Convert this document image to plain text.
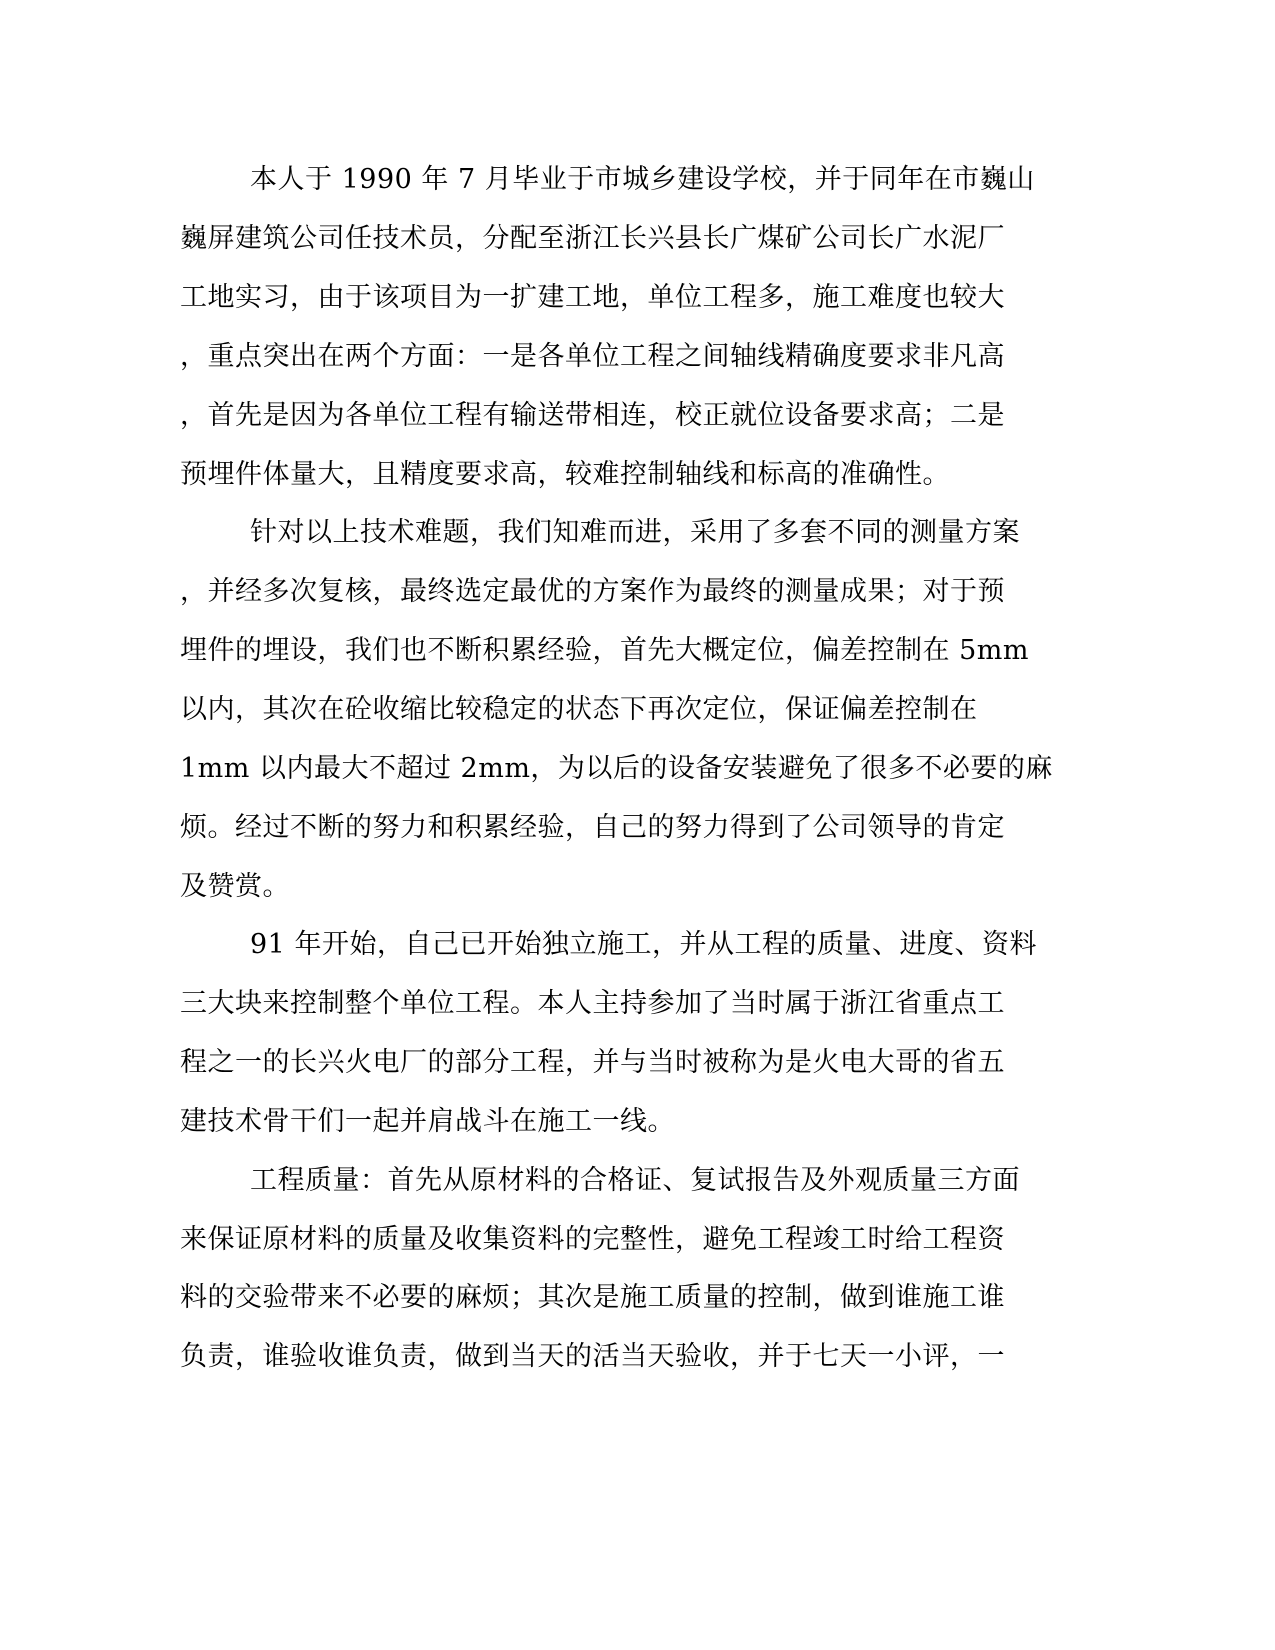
本人于 1990 年 7 月毕业于市城乡建设学校，并于同年在市巍山
巍屏建筑公司任技术员，分配至浙江长兴县长广煤矿公司长广水泥厂
工地实习，由于该项目为一扩建工地，单位工程多，施工难度也较大
，重点突出在两个方面：一是各单位工程之间轴线精确度要求非凡高
，首先是因为各单位工程有输送带相连，校正就位设备要求高；二是
预埋件体量大，且精度要求高，较难控制轴线和标高的准确性。
针对以上技术难题，我们知难而进，采用了多套不同的测量方案
，并经多次复核，最终选定最优的方案作为最终的测量成果；对于预
埋件的埋设，我们也不断积累经验，首先大概定位，偏差控制在 5mm
以内，其次在砼收缩比较稳定的状态下再次定位，保证偏差控制在
1mm 以内最大不超过 2mm，为以后的设备安装避免了很多不必要的麻
烦。经过不断的努力和积累经验，自己的努力得到了公司领导的肯定
及赞赏。
91 年开始，自己已开始独立施工，并从工程的质量、进度、资料
三大块来控制整个单位工程。本人主持参加了当时属于浙江省重点工
程之一的长兴火电厂的部分工程，并与当时被称为是火电大哥的省五
建技术骨干们一起并肩战斗在施工一线。
工程质量：首先从原材料的合格证、复试报告及外观质量三方面
来保证原材料的质量及收集资料的完整性，避免工程竣工时给工程资
料的交验带来不必要的麻烦；其次是施工质量的控制，做到谁施工谁
负责，谁验收谁负责，做到当天的活当天验收，并于七天一小评，一
